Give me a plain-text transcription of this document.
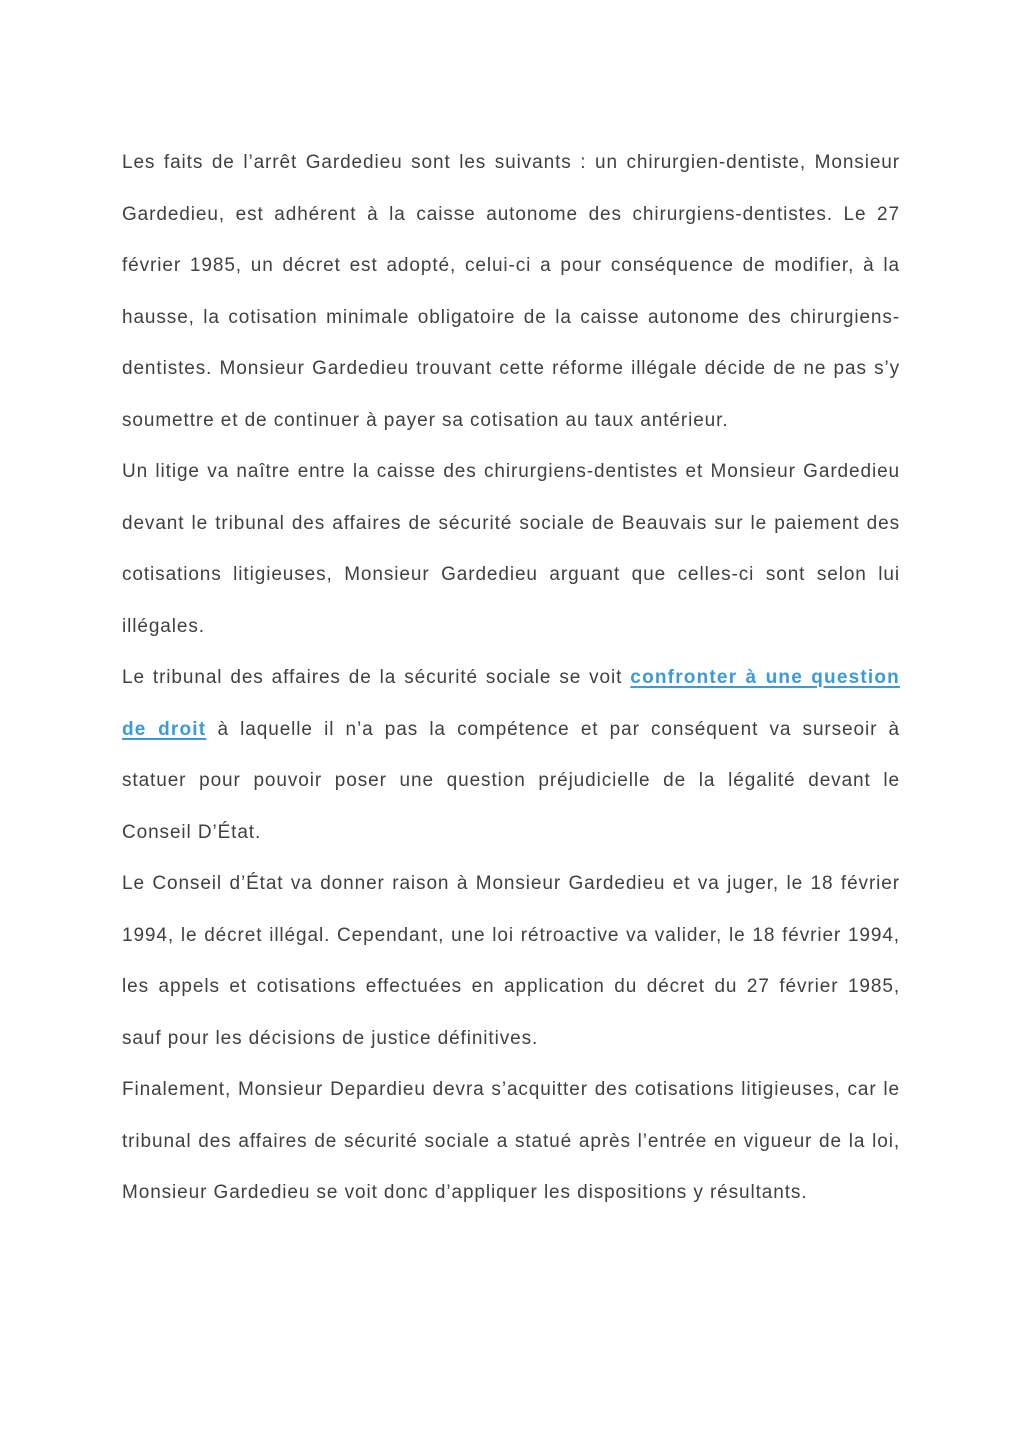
Les faits de l’arrêt Gardedieu sont les suivants : un chirurgien-dentiste, Monsieur Gardedieu, est adhérent à la caisse autonome des chirurgiens-dentistes. Le 27 février 1985, un décret est adopté, celui-ci a pour conséquence de modifier, à la hausse, la cotisation minimale obligatoire de la caisse autonome des chirurgiens-dentistes. Monsieur Gardedieu trouvant cette réforme illégale décide de ne pas s’y soumettre et de continuer à payer sa cotisation au taux antérieur.

Un litige va naître entre la caisse des chirurgiens-dentistes et Monsieur Gardedieu devant le tribunal des affaires de sécurité sociale de Beauvais sur le paiement des cotisations litigieuses, Monsieur Gardedieu arguant que celles-ci sont selon lui illégales.

Le tribunal des affaires de la sécurité sociale se voit confronter à une question de droit à laquelle il n’a pas la compétence et par conséquent va surseoir à statuer pour pouvoir poser une question préjudicielle de la légalité devant le Conseil D’État.

Le Conseil d’État va donner raison à Monsieur Gardedieu et va juger, le 18 février 1994, le décret illégal. Cependant, une loi rétroactive va valider, le 18 février 1994, les appels et cotisations effectuées en application du décret du 27 février 1985, sauf pour les décisions de justice définitives.

Finalement, Monsieur Depardieu devra s’acquitter des cotisations litigieuses, car le tribunal des affaires de sécurité sociale a statué après l’entrée en vigueur de la loi, Monsieur Gardedieu se voit donc d’appliquer les dispositions y résultants.
